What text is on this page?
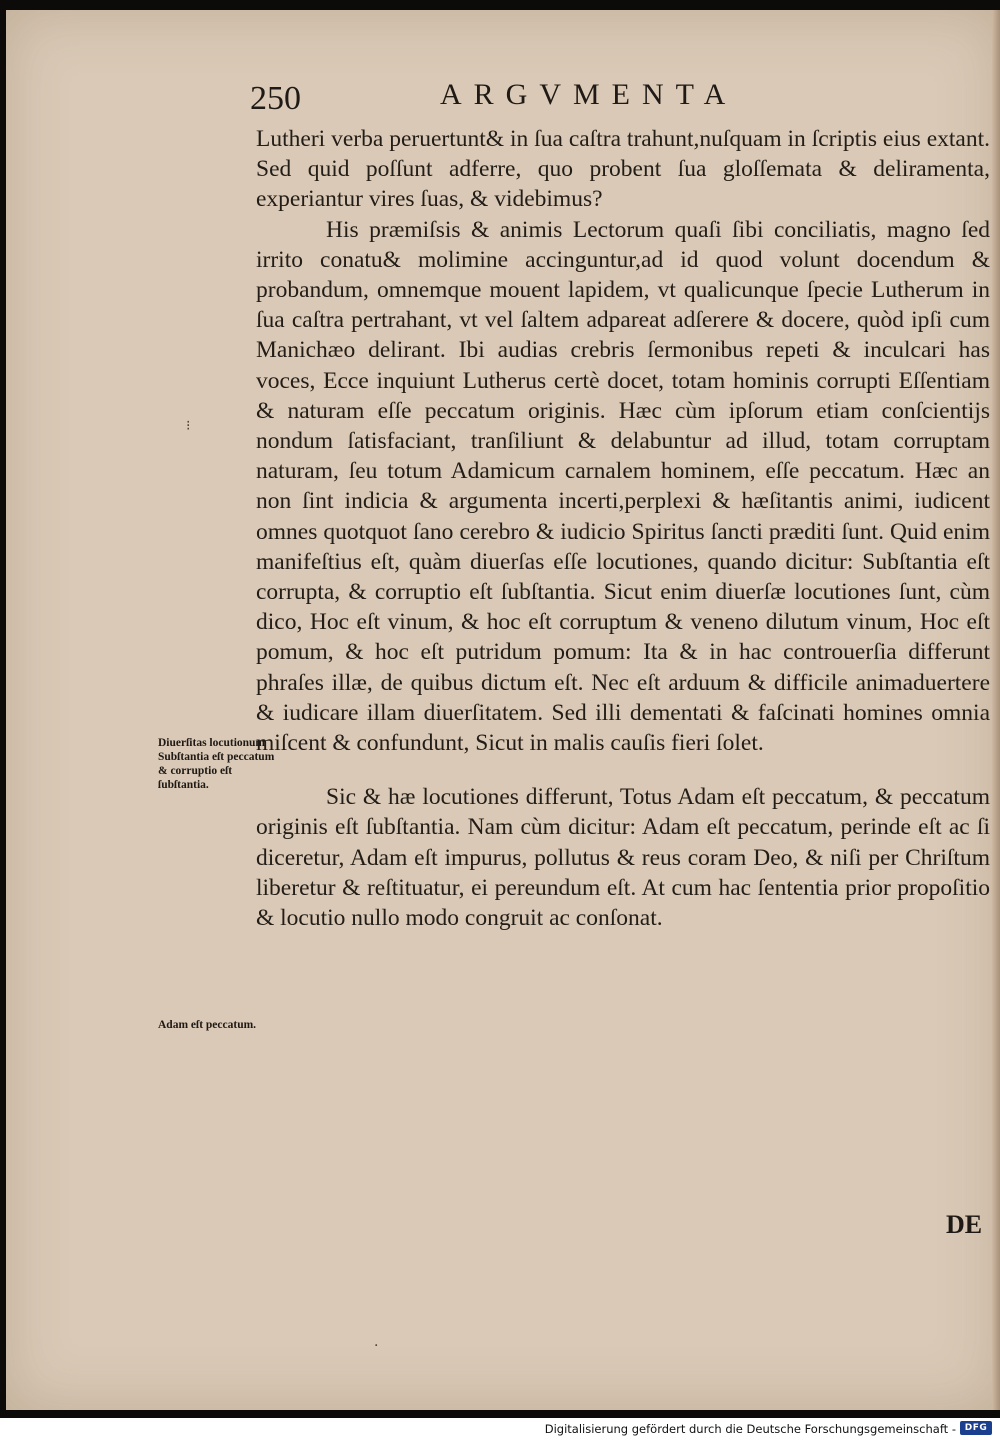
250	ARGVMENTA

Lutheri verba peruertunt& in ſua caſtra trahunt,nuſquam in ſcriptis eius extant. Sed quid poſſunt adferre, quo probent ſua gloſſemata & deliramenta, experiantur vires ſuas, & videbimus?

His præmiſsis & animis Lectorum quaſi ſibi conciliatis, magno ſed irrito conatu& molimine accinguntur,ad id quod volunt docendum & probandum, omnemque mouent lapidem, vt qualicunque ſpecie Lutherum in ſua caſtra pertrahant, vt vel ſaltem adpareat adſerere & docere, quòd ipſi cum Manichæo delirant. Ibi audias crebris ſermonibus repeti & inculcari has voces, Ecce inquiunt Lutherus certè docet, totam hominis corrupti Eſſentiam & naturam eſſe peccatum originis. Hæc cùm ipſorum etiam conſcientijs nondum ſatisfaciant, tranſiliunt & delabuntur ad illud, totam corruptam naturam, ſeu totum Adamicum carnalem hominem, eſſe peccatum. Hæc an non ſint indicia & argumenta incerti,perplexi & hæſitantis animi, iudicent omnes quotquot ſano cerebro & iudicio Spiritus ſancti præditi ſunt. Quid enim manifeſtius eſt, quàm diuerſas eſſe locutiones, quando dicitur: Subſtantia eſt corrupta, & corruptio eſt ſubſtantia. Sicut enim diuerſæ locutiones ſunt, cùm dico, Hoc eſt vinum, & hoc eſt corruptum & veneno dilutum vinum, Hoc eſt pomum, & hoc eſt putridum pomum: Ita & in hac controuerſia differunt phraſes illæ, de quibus dictum eſt. Nec eſt arduum & difficile animaduertere & iudicare illam diuerſitatem. Sed illi dementati & faſcinati homines omnia miſcent & confundunt, Sicut in malis cauſis fieri ſolet.

Sic & hæ locutiones differunt, Totus Adam eſt peccatum, & peccatum originis eſt ſubſtantia. Nam cùm dicitur: Adam eſt peccatum, perinde eſt ac ſi diceretur, Adam eſt impurus, pollutus & reus coram Deo, & niſi per Chriſtum liberetur & reſtituatur, ei pereundum eſt. At cum hac ſententia prior propoſitio & locutio nullo modo congruit ac conſonat.

Diuerſitas locutionum Subſtantia eſt peccatum & corruptio eſt ſubſtantia.
Adam eſt peccatum.
DE
⁝
·
Digitalisierung gefördert durch die Deutsche Forschungsgemeinschaft - DFG
